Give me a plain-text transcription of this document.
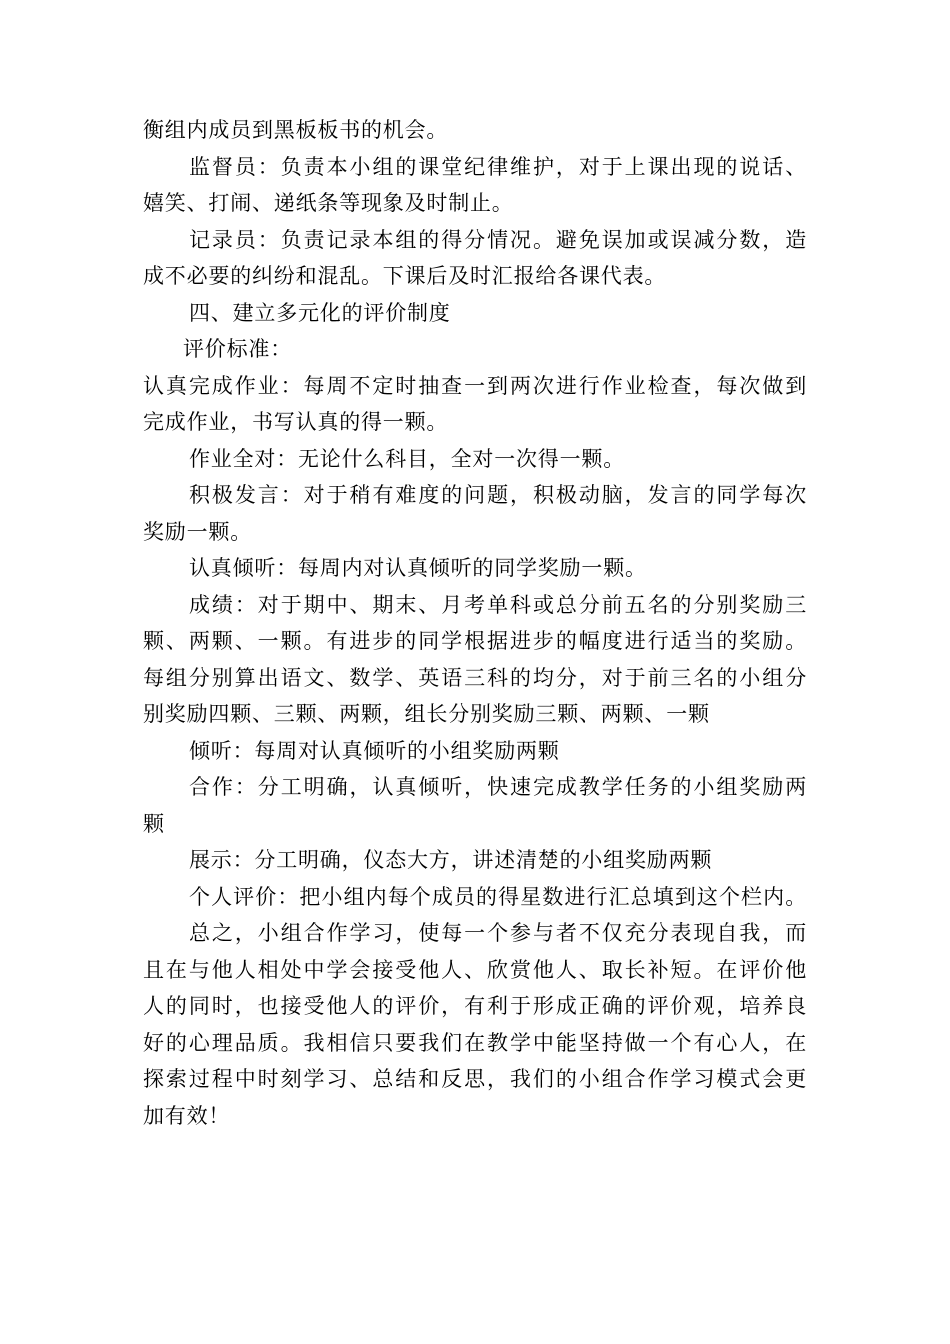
衡组内成员到黑板板书的机会。
监督员：负责本小组的课堂纪律维护，对于上课出现的说话、
嬉笑、打闹、递纸条等现象及时制止。
记录员：负责记录本组的得分情况。避免误加或误减分数，造
成不必要的纠纷和混乱。下课后及时汇报给各课代表。
四、建立多元化的评价制度
评价标准：
认真完成作业：每周不定时抽查一到两次进行作业检查，每次做到
完成作业，书写认真的得一颗。
作业全对：无论什么科目，全对一次得一颗。
积极发言：对于稍有难度的问题，积极动脑，发言的同学每次
奖励一颗。
认真倾听：每周内对认真倾听的同学奖励一颗。
成绩：对于期中、期末、月考单科或总分前五名的分别奖励三
颗、两颗、一颗。有进步的同学根据进步的幅度进行适当的奖励。
每组分别算出语文、数学、英语三科的均分，对于前三名的小组分
别奖励四颗、三颗、两颗，组长分别奖励三颗、两颗、一颗
倾听：每周对认真倾听的小组奖励两颗
合作：分工明确，认真倾听，快速完成教学任务的小组奖励两
颗
展示：分工明确，仪态大方，讲述清楚的小组奖励两颗
个人评价：把小组内每个成员的得星数进行汇总填到这个栏内。
总之，小组合作学习，使每一个参与者不仅充分表现自我，而
且在与他人相处中学会接受他人、欣赏他人、取长补短。在评价他
人的同时，也接受他人的评价，有利于形成正确的评价观，培养良
好的心理品质。我相信只要我们在教学中能坚持做一个有心人，在
探索过程中时刻学习、总结和反思，我们的小组合作学习模式会更
加有效！
